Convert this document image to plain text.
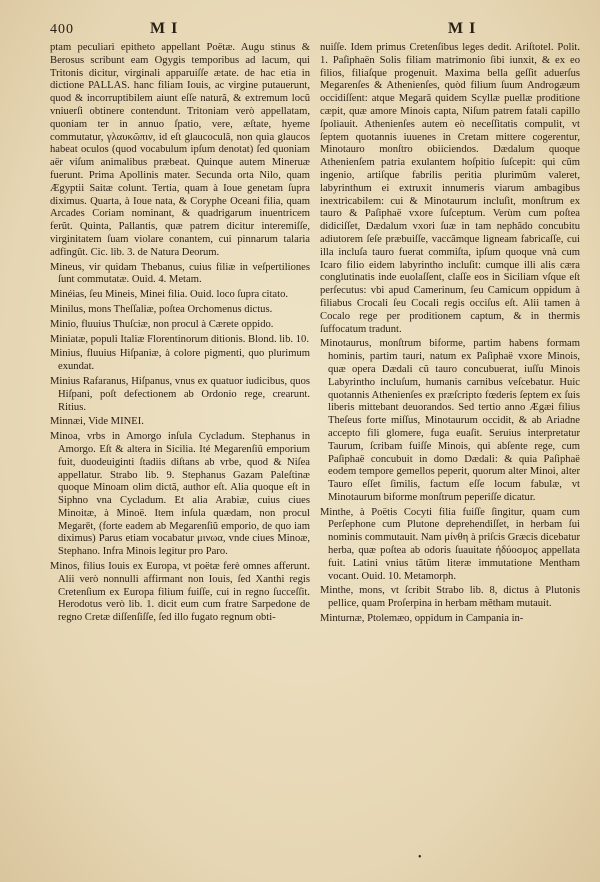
400	M I	M I

ptam peculiari epitheto appellant Poëtæ. Augu stinus & Berosus scribunt eam Ogygis temporibus ad lacum, qui Tritonis dicitur, virginali apparuiſſe ætate. de hac etia in dictione PALLAS. hanc filiam Iouis, ac virgine putauerunt, quod & incorruptibilem aiunt eſſe naturã, & extremum locũ vniuerſi obtinere contendunt. Tritoniam verò appellatam, quoniam ter in annuo ſpatio, vere, æſtate, hyeme commutatur, γλαυκῶπιν, id eſt glaucoculã, non quia glaucos habeat oculos (quod vocabulum ipſum denotat) ſed quoniam aër viſum animalibus præbeat. Quinque autem Mineruæ fuerunt. Prima Apollinis mater. Secunda orta Nilo, quam Ægyptii Saitæ colunt. Tertia, quam à Ioue genetam ſupra diximus. Quarta, à Ioue nata, & Coryphe Oceani filia, quam Arcades Coriam nominant, & quadrigarum inuentricem ferũt. Quinta, Pallantis, quæ patrem dicitur interemiſſe, virginitatem ſuam violare conantem, cui pinnarum talaria adfingũt. Cic. lib. 3. de Natura Deorum.

Mineus, vir quidam Thebanus, cuius filiæ in veſpertiliones ſunt commutatæ. Ouid. 4. Metam.

Minéias, ſeu Mineis, Minei filia. Ouid. loco ſupra citato.

Minilus, mons Theſſaliæ, poſtea Orchomenus dictus.

Minio, fluuius Thuſciæ, non procul à Cærete oppido.

Miniatæ, populi Italiæ Florentinorum ditionis. Blond. lib. 10.

Minius, fluuius Hiſpaniæ, à colore pigmenti, quo plurimum exundat.

Minius Rafaranus, Hiſpanus, vnus ex quatuor iudicibus, quos Hiſpani, poſt defectionem ab Ordonio rege, crearunt. Ritius.

Minnæi, Vide MINEI.

Minoa, vrbs in Amorgo inſula Cycladum. Stephanus in Amorgo. Eſt & altera in Sicilia. Ité Megarenſiũ emporium fuit, duodeuiginti ſtadiis diſtans ab vrbe, quod & Niſea appellatur. Strabo lib. 9. Stephanus Gazam Paleſtinæ quoque Minoam olim dictã, author eſt. Alia quoque eſt in Siphno vna Cycladum. Et alia Arabiæ, cuius ciues Minoitæ, à Minoë. Item inſula quædam, non procul Megarēt, (forte eadem ab Megarenſiũ emporio, de quo iam diximus) Parus etiam vocabatur μινωα, vnde ciues Minoæ, Stephano. Infra Minois legitur pro Paro.

Minos, filius Iouis ex Europa, vt poëtæ ferè omnes afferunt. Alii verò nonnulli affirmant non Iouis, ſed Xanthi regis Cretenſium ex Europa filium fuiſſe, cui in regno ſucceſſit. Herodotus verò lib. 1. dicit eum cum fratre Sarpedone de regno Cretæ diſſenſiſſe, ſed illo fugato regnum obti-

nuiſſe. Idem primus Cretenſibus leges dedit. Ariſtotel. Polit. 1. Paſiphaën Solis filiam matrimonio ſibi iunxit, & ex eo filios, filiaſque progenuit. Maxima bella geſſit aduerſus Megarenſes & Athenienſes, quòd filium ſuum Androgæum occidiſſent: atque Megarã quidem Scyllæ puellæ proditione cæpit, quæ amore Minois capta, Niſum patrem fatali capillo ſpoliauit. Athenienſes autem eò neceſſitatis compulit, vt ſeptem quotannis iuuenes in Cretam mittere cogerentur, Minotauro monſtro obiiciendos. Dædalum quoque Athenienſem patria exulantem hoſpitio ſuſcepit: qui cũm ingenio, artiſque fabrilis peritia plurimũm valeret, labyrinthum ei extruxit innumeris viarum ambagibus inextricabilem: cui & Minotaurum incluſit, monſtrum ex tauro & Paſiphaë vxore ſuſceptum. Verùm cum poſtea didiciſſet, Dædalum vxori ſuæ in tam nephãdo concubitu adiutorem ſeſe præbuiſſe, vaccãmque ligneam fabricaſſe, cui illa incluſa tauro fuerat commiſta, ipſum quoque vnà cum Icaro filio eidem labyrintho incluſit: cumque illi alis cæra conglutinatis inde euolaſſent, claſſe eos in Siciliam vſque eſt perſecutus: vbi apud Camerinum, ſeu Camicum oppidum à filiabus Crocali ſeu Cocali regis occiſus eſt. Alii tamen à Cocalo rege per proditionem captum, & in thermis ſuffocatum tradunt.

Minotaurus, monſtrum biforme, partim habens formam hominis, partim tauri, natum ex Paſiphaë vxore Minois, quæ opera Dædali cũ tauro concubuerat, iuſſu Minois Labyrintho incluſum, humanis carnibus veſcebatur. Huic quotannis Athenienſes ex præſcripto fœderis ſeptem ex ſuis liberis mittebant deuorandos. Sed tertio anno Ægæi filius Theſeus forte miſſus, Minotaurum occidit, & ab Ariadne accepto fili glomere, fuga euaſit. Seruius interpretatur Taurum, ſcribam fuiſſe Minois, qui abſente rege, cum Paſiphaë concubuit in domo Dædali: & quia Paſiphaë eodem tempore gemellos peperit, quorum alter Minoi, alter Tauro eſſet ſimilis, factum eſſe locum fabulæ, vt Minotaurum biforme monſtrum peperiſſe dicatur.

Minthe, à Poëtis Cocyti filia fuiſſe ſingitur, quam cum Perſephone cum Plutone deprehendiſſet, in herbam ſui nominis commutauit. Nam μίνθη à priſcis Græcis dicebatur herba, quæ poſtea ab odoris ſuauitate ἡδύοσμος appellata fuit. Latini vnius tãtũm literæ immutatione Mentham vocant. Ouid. 10. Metamorph.

Minthe, mons, vt ſcribit Strabo lib. 8, dictus à Plutonis pellice, quam Proſerpina in herbam mẽtham mutauit.

Minturnæ, Ptolemæo, oppidum in Campania in-

•
